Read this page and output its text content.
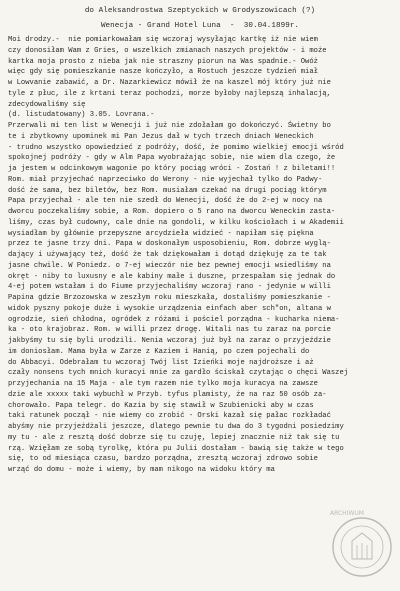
do Aleksandrostwa Szeptyckich w Grodyszowicach (?)
Wenecja - Grand Hotel Luna  -  30.04.1899r.
Moi drodzy.-  nie pomiarkowałam się wczoraj wysyłając kartkę iż nie wiem
czy donosiłam Wam z Gries, o wszelkich zmianach naszych projektów - i może
kartka moja prosto z nieba jak nie straszny piorun na Was spadnie.- Owóż
więc gdy się pomieszkanie nasze kończyło, a Rostuch jeszcze tydzień miał
w Lowvanie zabawić, a Dr. Nazarkiewicz mówił że na kaszel mój który już nie
tyle z płuc, ile z krtani teraz pochodzi, morze byłoby najlepszą inhalacją,
zdecydowaliśmy się
(d. listudatowany) 3.05. Lovrana.-
Przerwali mi ten list w Wenecji i już nie zdołałam go dokończyć. Świetny bo
te i zbytkowny upominek mi Pan Jezus dał w tych trzech dniach Weneckich
- trudno wszystko opowiedzieć z podróży, dość, że pomimo wielkiej emocji wśród
spokojnej podróży - gdy w Alm Papa wyobrażając sobie, nie wiem dla czego, że
ja jestem w odcinkowym wagonie po który pociąg wróci - Zostań ! z biletami!!
Rom. miał przyjechać naprzeciwko do Werony - nie wyjechał tylko do Padwy-
dość że sama, bez biletów, bez Rom. musiałam czekać na drugi pociąg którym
Papa przyjechał - ale ten nie szedł do Wenecji, dość że do 2-ej w nocy na
dworcu poczekaliśmy sobie, a Rom. dopiero o 5 rano na dworcu Weneckim zasta-
liśmy, czas był cudowny, cale dnie na gondoli, w kilku kościołach i w Akademii
wysiadłam by głównie przepyszne arcydzieła widzieć - napiłam się piękna
przez te jasne trzy dni. Papa w doskonałym usposobieniu, Rom. dobrze wyglą-
dający i używający też, dość że tak dziękowałam i dotąd dziękuję za te tak
jasne chwile. W Poniedz. o 7-ej wieczór nie bez pewnej emocji wsiedliśmy na
okręt - niby to luxusny e ale kabiny małe i duszne, przespałam się jednak do
4-ej potem wstałam i do Fiume przyjechaliśmy wczoraj rano - jedynie w willi
Papina gdzie Brzozowska w zeszłym roku mieszkała, dostaliśmy pomieszkanie -
widok pyszny pokoje duże i wysokie urządzenia einfach aber sch"on, altana w
ogrodzie, sień chłodna, ogródek z różami i pościel porządna - kucharka niema-
ka - oto krajobraz. Rom. w willi przez drogę. Witali nas tu zaraz na porcie
jakbyśmy tu się byli urodzili. Nenia wczoraj już był na zaraz o przyjeździe
im doniosłam. Mama była w Zarze z Kaziem i Hanią, po czem pojechali do
do Abbacyi. Odebrałam tu wczoraj Twój list Izieńki moje najdroższe i aż
czały nonsens tych mnich kuracyi mnie za gardło ściskał czytając o chęci Waszej
przyjechania na 15 Maja - ale tym razem nie tylko moja kuracya na zawsze
dzie ale xxxxx taki wybuchł w Przyb. tyfus plamisty, że na raz 50 osób za-
chorowało. Papa telegr. do Kazia by się stawił w Szubienicki aby w czas
taki ratunek począł - nie wiemy co zrobić - Orski kazał się pałac rozkładać
abyśmy nie przyjeżdżali jeszcze, dlatego pewnie tu dwa do 3 tygodni posiedzimy
my tu - ale z resztą dość dobrze się tu czuję, lepiej znacznie niż tak się tu
rzą. Wzięłam ze sobą tyrolkę, która pu Julii dostałam - bawią się także w tego
się, to od miesiąca czasu, bardzo porządna, zresztą wczoraj zdrowo sobie
wrząć do domu - może i wiemy, by mam nikogo na widoku który ma
ARCHIWUM
